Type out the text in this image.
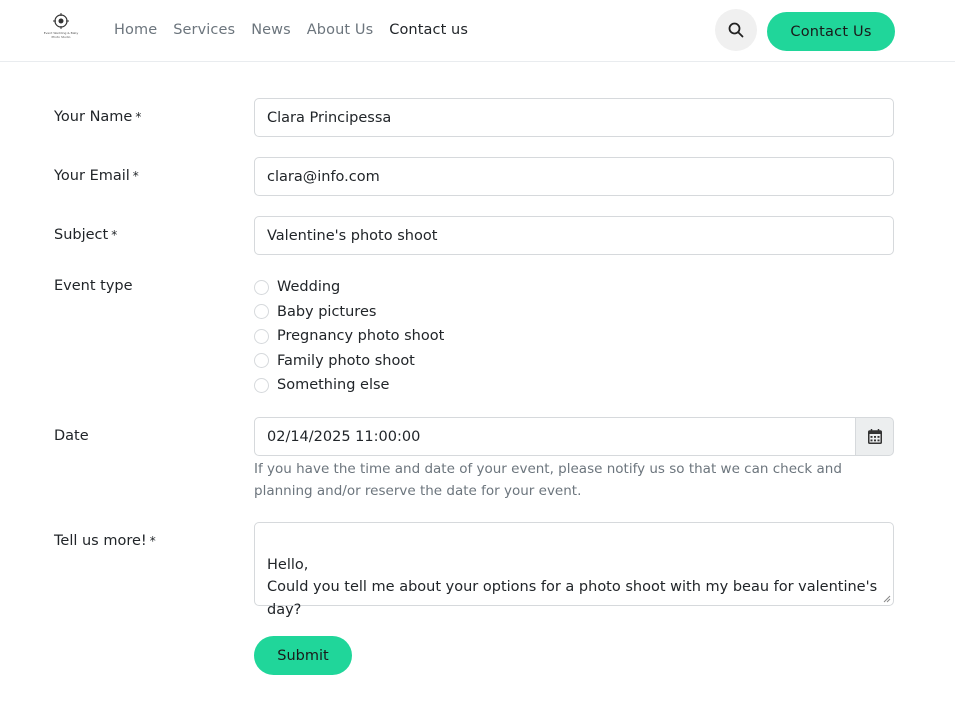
Event Wedding & Baby Photo Studio	Home Services News About Us Contact us	Contact Us
Your Name *	Clara Principessa
Your Email *	clara@info.com
Subject *	Valentine's photo shoot
Event type	Wedding
Baby pictures
Pregnancy photo shoot
Family photo shoot
Something else
Date	02/14/2025 11:00:00
If you have the time and date of your event, please notify us so that we can check and planning and/or reserve the date for your event.
Tell us more! *

Hello,
Could you tell me about your options for a photo shoot with my beau for valentine's day?

Submit
